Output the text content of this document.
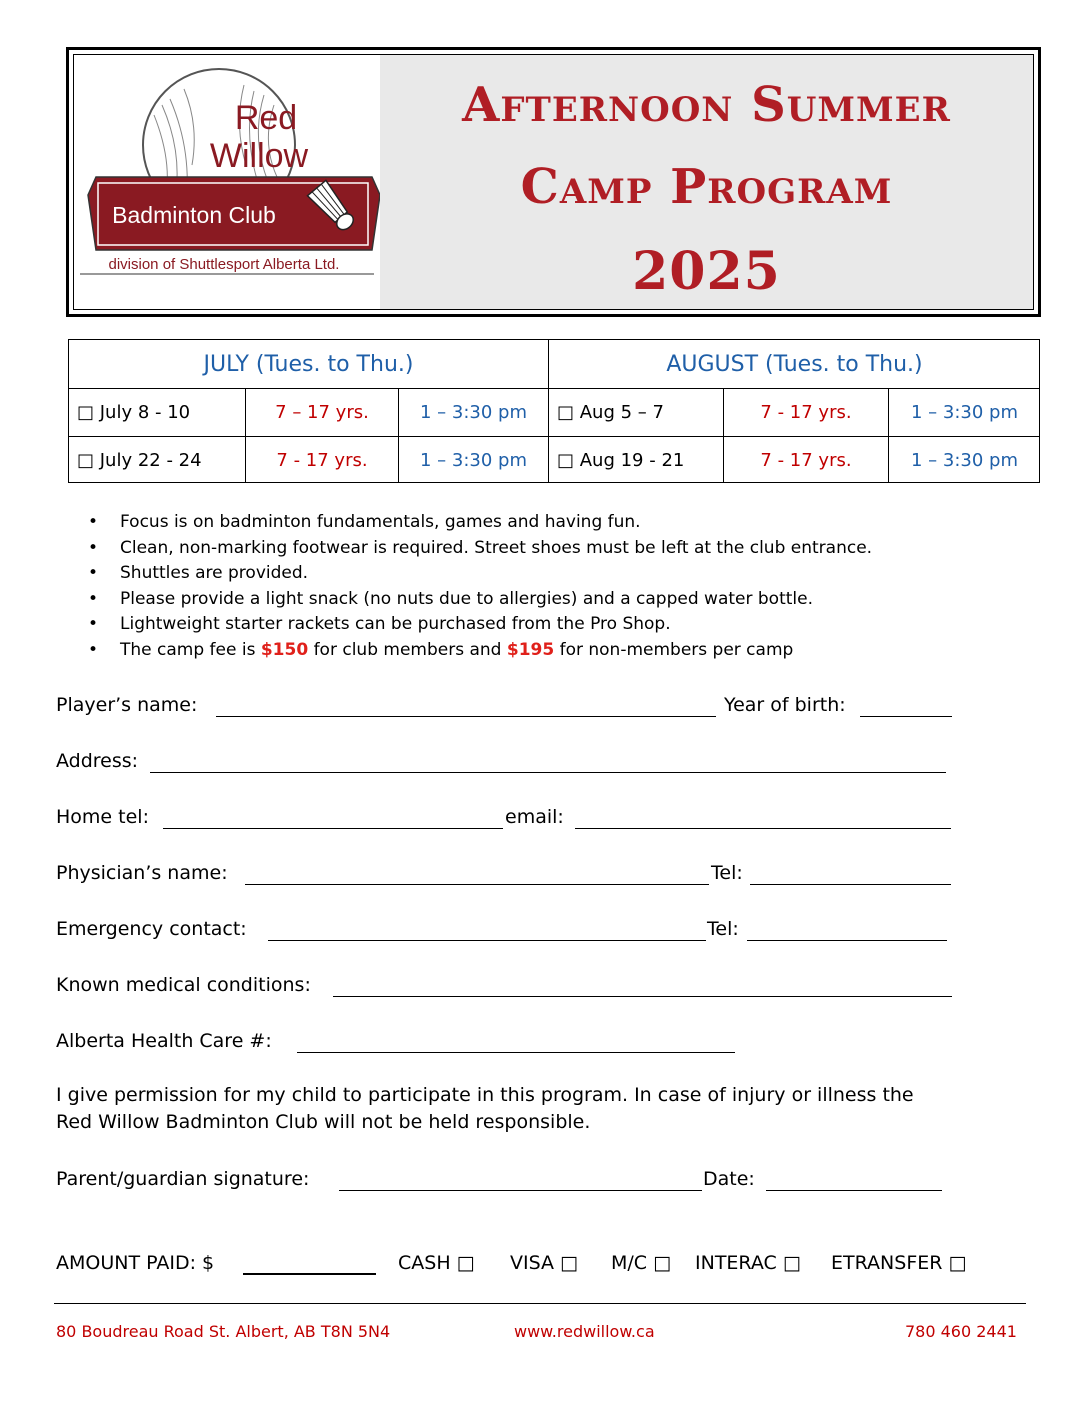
Red
Willow
Badminton Club
division of Shuttlesport Alberta Ltd.
Afternoon Summer
Camp Program
2025
JULY (Tues. to Thu.)	AUGUST (Tues. to Thu.)
□ July 8 - 10	7 – 17 yrs.	1 – 3:30 pm	□ Aug 5 – 7	7 - 17 yrs.	1 – 3:30 pm
□ July 22 - 24	7 - 17 yrs.	1 – 3:30 pm	□ Aug 19 - 21	7 - 17 yrs.	1 – 3:30 pm
• Focus is on badminton fundamentals, games and having fun.
• Clean, non-marking footwear is required. Street shoes must be left at the club entrance.
• Shuttles are provided.
• Please provide a light snack (no nuts due to allergies) and a capped water bottle.
• Lightweight starter rackets can be purchased from the Pro Shop.
• The camp fee is $150 for club members and $195 for non-members per camp
Player’s name:	Year of birth:
Address:
Home tel:	email:
Physician’s name:	Tel:
Emergency contact:	Tel:
Known medical conditions:
Alberta Health Care #:
I give permission for my child to participate in this program. In case of injury or illness the
Red Willow Badminton Club will not be held responsible.
Parent/guardian signature:	Date:
AMOUNT PAID: $	CASH □ VISA □ M/C □ INTERAC □ ETRANSFER □
80 Boudreau Road St. Albert, AB T8N 5N4	www.redwillow.ca	780 460 2441
